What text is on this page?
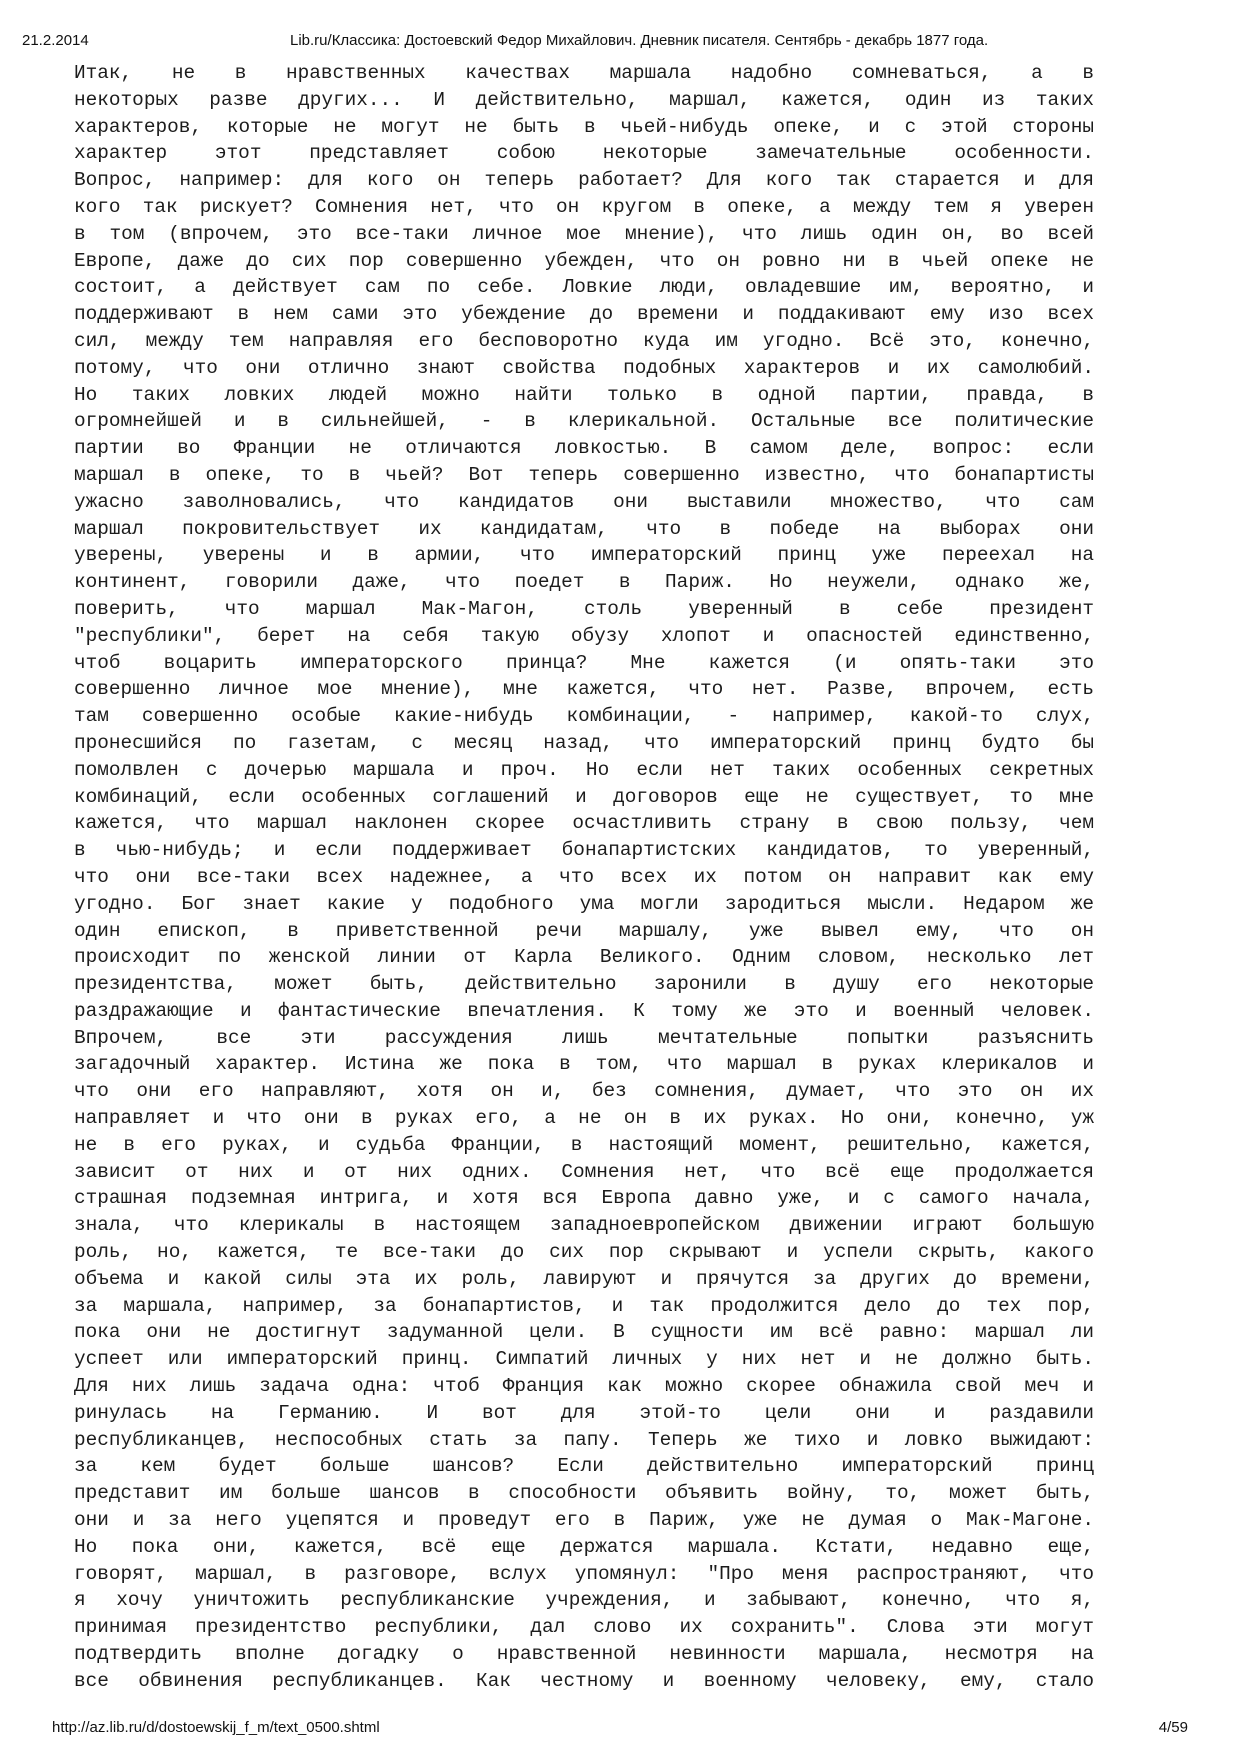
21.2.2014	Lib.ru/Классика: Достоевский Федор Михайлович. Дневник писателя. Сентябрь - декабрь 1877 года.
Итак, не в нравственных качествах маршала надобно сомневаться, а в
некоторых разве других... И действительно, маршал, кажется, один из таких
характеров, которые не могут не быть в чьей-нибудь опеке, и с этой стороны
характер этот представляет собою некоторые замечательные особенности.
Вопрос, например: для кого он теперь работает? Для кого так старается и для
кого так рискует? Сомнения нет, что он кругом в опеке, а между тем я уверен
в том (впрочем, это все-таки личное мое мнение), что лишь один он, во всей
Европе, даже до сих пор совершенно убежден, что он ровно ни в чьей опеке не
состоит, а действует сам по себе. Ловкие люди, овладевшие им, вероятно, и
поддерживают в нем сами это убеждение до времени и поддакивают ему изо всех
сил, между тем направляя его бесповоротно куда им угодно. Всё это, конечно,
потому, что они отлично знают свойства подобных характеров и их самолюбий.
Но таких ловких людей можно найти только в одной партии, правда, в
огромнейшей и в сильнейшей, - в клерикальной. Остальные все политические
партии во Франции не отличаются ловкостью. В самом деле, вопрос: если
маршал в опеке, то в чьей? Вот теперь совершенно известно, что бонапартисты
ужасно заволновались, что кандидатов они выставили множество, что сам
маршал покровительствует их кандидатам, что в победе на выборах они
уверены, уверены и в армии, что императорский принц уже переехал на
континент, говорили даже, что поедет в Париж. Но неужели, однако же,
поверить, что маршал Мак-Магон, столь уверенный в себе президент
"республики", берет на себя такую обузу хлопот и опасностей единственно,
чтоб воцарить императорского принца? Мне кажется (и опять-таки это
совершенно личное мое мнение), мне кажется, что нет. Разве, впрочем, есть
там совершенно особые какие-нибудь комбинации, - например, какой-то слух,
пронесшийся по газетам, с месяц назад, что императорский принц будто бы
помолвлен с дочерью маршала и проч. Но если нет таких особенных секретных
комбинаций, если особенных соглашений и договоров еще не существует, то мне
кажется, что маршал наклонен скорее осчастливить страну в свою пользу, чем
в чью-нибудь; и если поддерживает бонапартистских кандидатов, то уверенный,
что они все-таки всех надежнее, а что всех их потом он направит как ему
угодно. Бог знает какие у подобного ума могли зародиться мысли. Недаром же
один епископ, в приветственной речи маршалу, уже вывел ему, что он
происходит по женской линии от Карла Великого. Одним словом, несколько лет
президентства, может быть, действительно заронили в душу его некоторые
раздражающие и фантастические впечатления. К тому же это и военный человек.
Впрочем, все эти рассуждения лишь мечтательные попытки разъяснить
загадочный характер. Истина же пока в том, что маршал в руках клерикалов и
что они его направляют, хотя он и, без сомнения, думает, что это он их
направляет и что они в руках его, а не он в их руках. Но они, конечно, уж
не в его руках, и судьба Франции, в настоящий момент, решительно, кажется,
зависит от них и от них одних. Сомнения нет, что всё еще продолжается
страшная подземная интрига, и хотя вся Европа давно уже, и с самого начала,
знала, что клерикалы в настоящем западноевропейском движении играют большую
роль, но, кажется, те все-таки до сих пор скрывают и успели скрыть, какого
объема и какой силы эта их роль, лавируют и прячутся за других до времени,
за маршала, например, за бонапартистов, и так продолжится дело до тех пор,
пока они не достигнут задуманной цели. В сущности им всё равно: маршал ли
успеет или императорский принц. Симпатий личных у них нет и не должно быть.
Для них лишь задача одна: чтоб Франция как можно скорее обнажила свой меч и
ринулась на Германию. И вот для этой-то цели они и раздавили
республиканцев, неспособных стать за папу. Теперь же тихо и ловко выжидают:
за кем будет больше шансов? Если действительно императорский принц
представит им больше шансов в способности объявить войну, то, может быть,
они и за него уцепятся и проведут его в Париж, уже не думая о Мак-Магоне.
Но пока они, кажется, всё еще держатся маршала. Кстати, недавно еще,
говорят, маршал, в разговоре, вслух упомянул: "Про меня распространяют, что
я хочу уничтожить республиканские учреждения, и забывают, конечно, что я,
принимая президентство республики, дал слово их сохранить". Слова эти могут
подтвердить вполне догадку о нравственной невинности маршала, несмотря на
все обвинения республиканцев. Как честному и военному человеку, ему, стало
http://az.lib.ru/d/dostoewskij_f_m/text_0500.shtml	4/59
